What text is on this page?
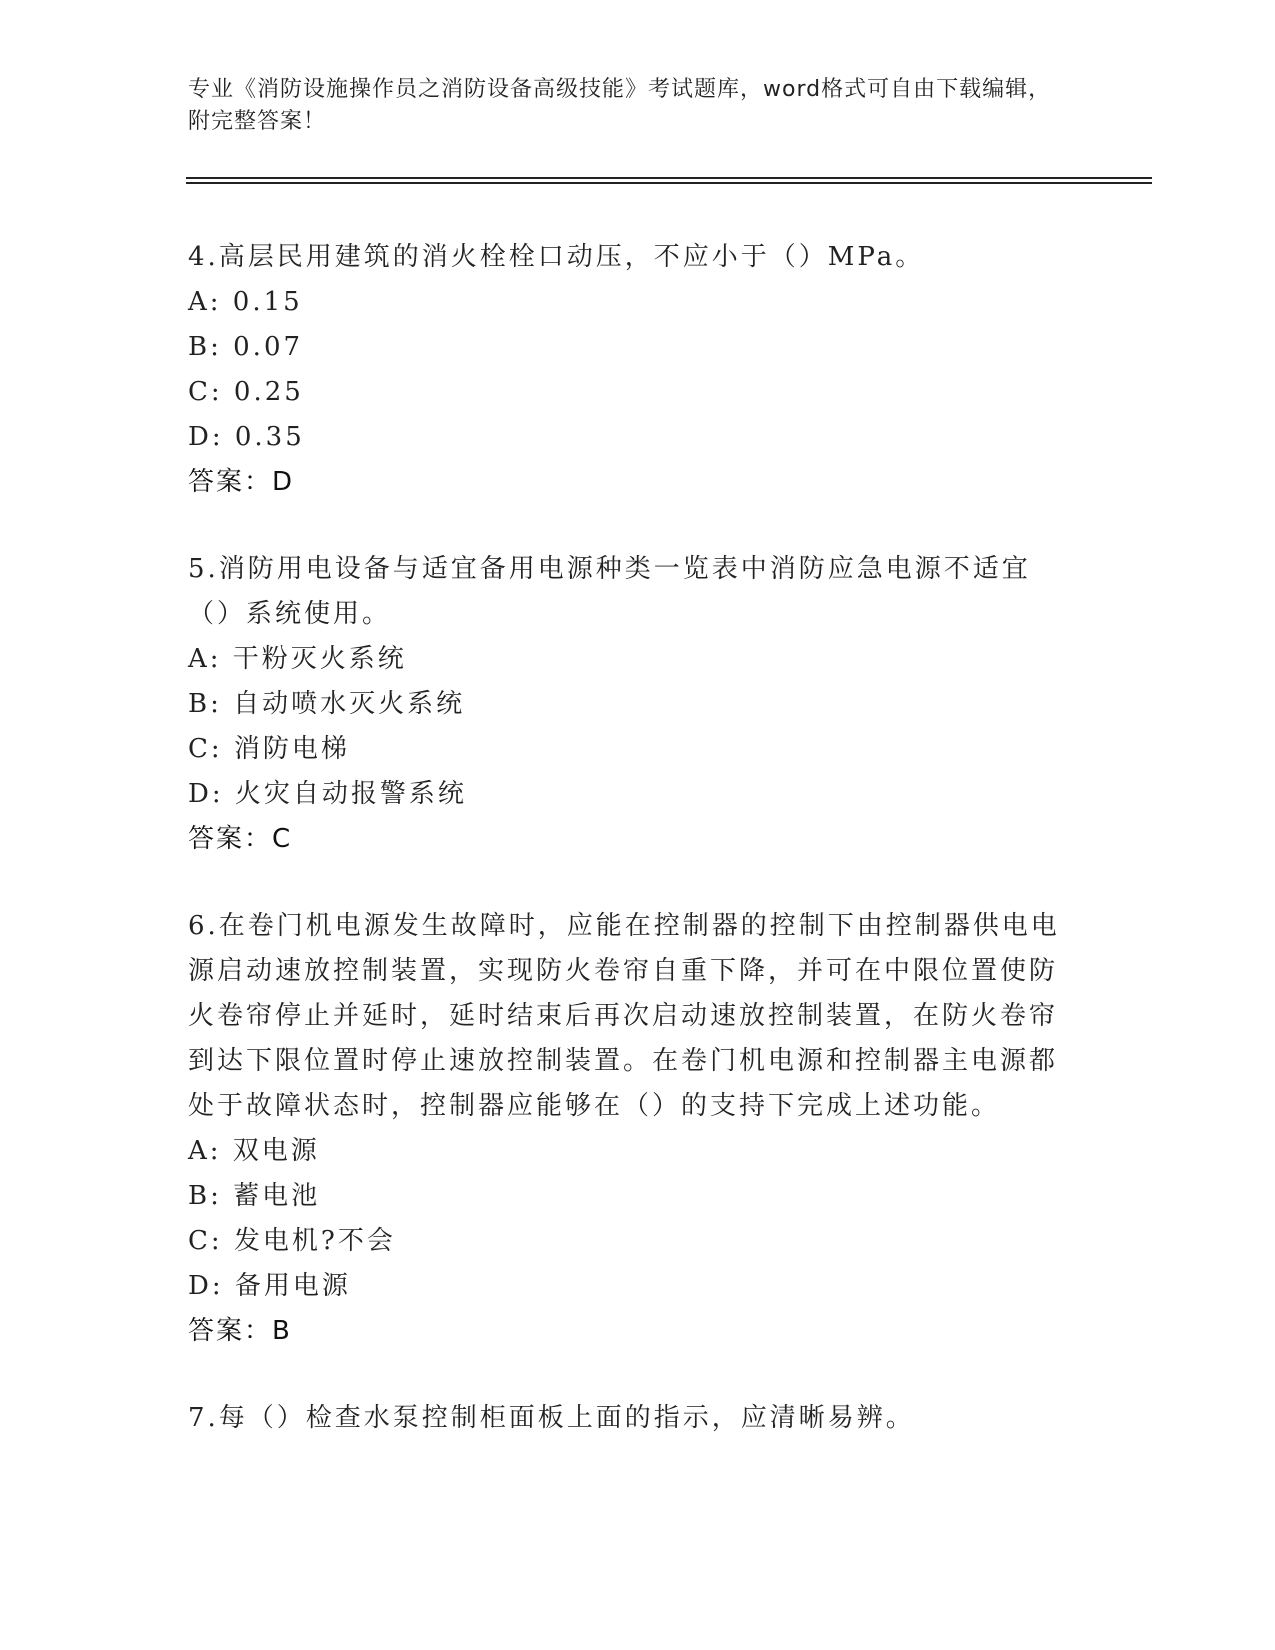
专业《消防设施操作员之消防设备高级技能》考试题库，word格式可自由下载编辑，附完整答案！
4.高层民用建筑的消火栓栓口动压，不应小于（）MPa。
A: 0.15
B: 0.07
C: 0.25
D: 0.35
答案：D
5.消防用电设备与适宜备用电源种类一览表中消防应急电源不适宜（）系统使用。
A: 干粉灭火系统
B: 自动喷水灭火系统
C: 消防电梯
D: 火灾自动报警系统
答案：C
6.在卷门机电源发生故障时，应能在控制器的控制下由控制器供电电源启动速放控制装置，实现防火卷帘自重下降，并可在中限位置使防火卷帘停止并延时，延时结束后再次启动速放控制装置，在防火卷帘到达下限位置时停止速放控制装置。在卷门机电源和控制器主电源都处于故障状态时，控制器应能够在（）的支持下完成上述功能。
A: 双电源
B: 蓄电池
C: 发电机?不会
D: 备用电源
答案：B
7.每（）检查水泵控制柜面板上面的指示，应清晰易辨。
